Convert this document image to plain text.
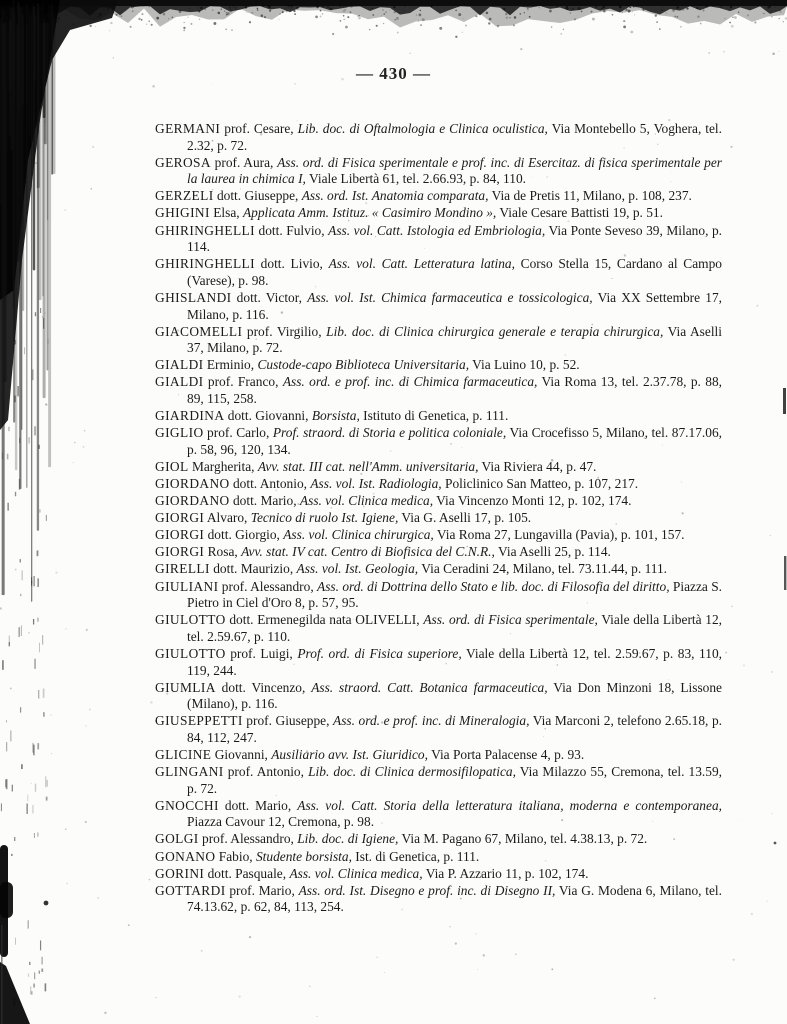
— 430 —

GERMANI prof. Cesare, Lib. doc. di Oftalmologia e Clinica oculistica, Via Montebello 5, Voghera, tel. 2.32, p. 72.

GEROSA prof. Aura, Ass. ord. di Fisica sperimentale e prof. inc. di Esercitaz. di fisica sperimentale per la laurea in chimica I, Viale Libertà 61, tel. 2.66.93, p. 84, 110.

GERZELI dott. Giuseppe, Ass. ord. Ist. Anatomia comparata, Via de Pretis 11, Milano, p. 108, 237.

GHIGINI Elsa, Applicata Amm. Istituz. « Casimiro Mondino », Viale Cesare Battisti 19, p. 51.

GHIRINGHELLI dott. Fulvio, Ass. vol. Catt. Istologia ed Embriologia, Via Ponte Seveso 39, Milano, p. 114.

GHIRINGHELLI dott. Livio, Ass. vol. Catt. Letteratura latina, Corso Stella 15, Cardano al Campo (Varese), p. 98.

GHISLANDI dott. Victor, Ass. vol. Ist. Chimica farmaceutica e tossicologica, Via XX Settembre 17, Milano, p. 116.

GIACOMELLI prof. Virgilio, Lib. doc. di Clinica chirurgica generale e terapia chirurgica, Via Aselli 37, Milano, p. 72.

GIALDI Erminio, Custode-capo Biblioteca Universitaria, Via Luino 10, p. 52.

GIALDI prof. Franco, Ass. ord. e prof. inc. di Chimica farmaceutica, Via Roma 13, tel. 2.37.78, p. 88, 89, 115, 258.

GIARDINA dott. Giovanni, Borsista, Istituto di Genetica, p. 111.

GIGLIO prof. Carlo, Prof. straord. di Storia e politica coloniale, Via Crocefisso 5, Milano, tel. 87.17.06, p. 58, 96, 120, 134.

GIOL Margherita, Avv. stat. III cat. nell'Amm. universitaria, Via Riviera 44, p. 47.

GIORDANO dott. Antonio, Ass. vol. Ist. Radiologia, Policlinico San Matteo, p. 107, 217.

GIORDANO dott. Mario, Ass. vol. Clinica medica, Via Vincenzo Monti 12, p. 102, 174.

GIORGI Alvaro, Tecnico di ruolo Ist. Igiene, Via G. Aselli 17, p. 105.

GIORGI dott. Giorgio, Ass. vol. Clinica chirurgica, Via Roma 27, Lungavilla (Pavia), p. 101, 157.

GIORGI Rosa, Avv. stat. IV cat. Centro di Biofisica del C.N.R., Via Aselli 25, p. 114.

GIRELLI dott. Maurizio, Ass. vol. Ist. Geologia, Via Ceradini 24, Milano, tel. 73.11.44, p. 111.

GIULIANI prof. Alessandro, Ass. ord. di Dottrina dello Stato e lib. doc. di Filosofia del diritto, Piazza S. Pietro in Ciel d'Oro 8, p. 57, 95.

GIULOTTO dott. Ermenegilda nata OLIVELLI, Ass. ord. di Fisica sperimentale, Viale della Libertà 12, tel. 2.59.67, p. 110.

GIULOTTO prof. Luigi, Prof. ord. di Fisica superiore, Viale della Libertà 12, tel. 2.59.67, p. 83, 110, 119, 244.

GIUMLIA dott. Vincenzo, Ass. straord. Catt. Botanica farmaceutica, Via Don Minzoni 18, Lissone (Milano), p. 116.

GIUSEPPETTI prof. Giuseppe, Ass. ord. e prof. inc. di Mineralogia, Via Marconi 2, telefono 2.65.18, p. 84, 112, 247.

GLICINE Giovanni, Ausiliario avv. Ist. Giuridico, Via Porta Palacense 4, p. 93.

GLINGANI prof. Antonio, Lib. doc. di Clinica dermosifilopatica, Via Milazzo 55, Cremona, tel. 13.59, p. 72.

GNOCCHI dott. Mario, Ass. vol. Catt. Storia della letteratura italiana, moderna e contemporanea, Piazza Cavour 12, Cremona, p. 98.

GOLGI prof. Alessandro, Lib. doc. di Igiene, Via M. Pagano 67, Milano, tel. 4.38.13, p. 72.

GONANO Fabio, Studente borsista, Ist. di Genetica, p. 111.

GORINI dott. Pasquale, Ass. vol. Clinica medica, Via P. Azzario 11, p. 102, 174.

GOTTARDI prof. Mario, Ass. ord. Ist. Disegno e prof. inc. di Disegno II, Via G. Modena 6, Milano, tel. 74.13.62, p. 62, 84, 113, 254.
